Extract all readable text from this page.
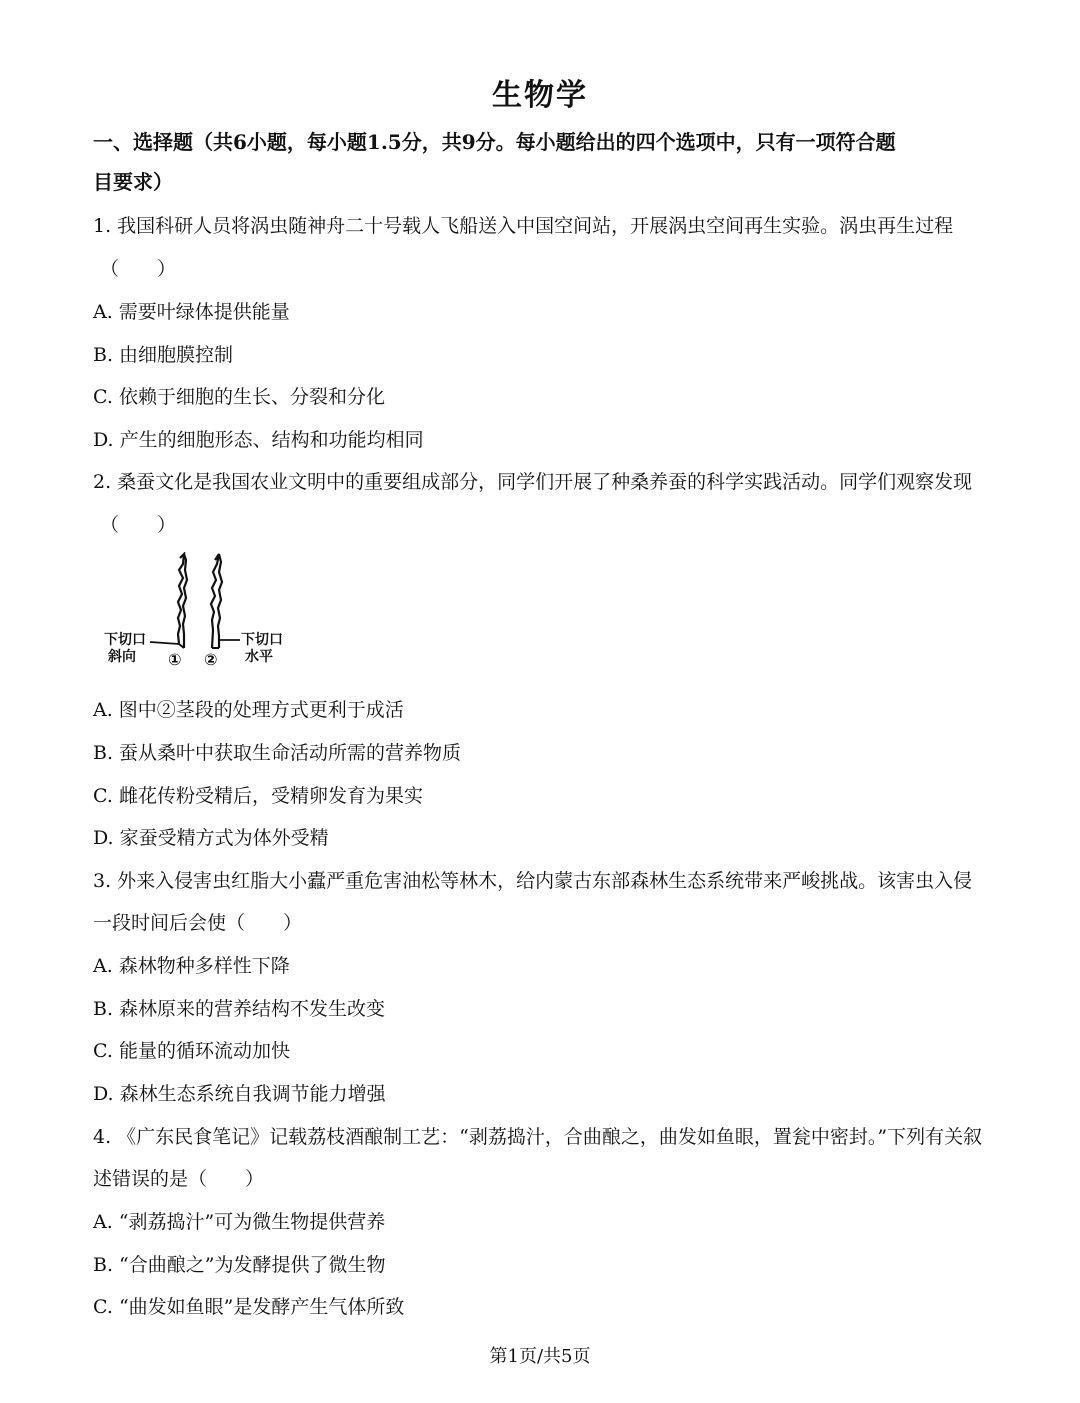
生物学
一、选择题（共6小题，每小题1.5分，共9分。每小题给出的四个选项中，只有一项符合题
目要求）
1. 我国科研人员将涡虫随神舟二十号载人飞船送入中国空间站，开展涡虫空间再生实验。涡虫再生过程
（　　）
A. 需要叶绿体提供能量
B. 由细胞膜控制
C. 依赖于细胞的生长、分裂和分化
D. 产生的细胞形态、结构和功能均相同
2. 桑蚕文化是我国农业文明中的重要组成部分，同学们开展了种桑养蚕的科学实践活动。同学们观察发现
（　　）
下切口
斜向
下切口
水平
① ②
A. 图中②茎段的处理方式更利于成活
B. 蚕从桑叶中获取生命活动所需的营养物质
C. 雌花传粉受精后，受精卵发育为果实
D. 家蚕受精方式为体外受精
3. 外来入侵害虫红脂大小蠹严重危害油松等林木，给内蒙古东部森林生态系统带来严峻挑战。该害虫入侵
一段时间后会使（　　）
A. 森林物种多样性下降
B. 森林原来的营养结构不发生改变
C. 能量的循环流动加快
D. 森林生态系统自我调节能力增强
4. 《广东民食笔记》记载荔枝酒酿制工艺：“剥荔捣汁，合曲酿之，曲发如鱼眼，置瓮中密封。”下列有关叙
述错误的是（　　）
A. “剥荔捣汁”可为微生物提供营养
B. “合曲酿之”为发酵提供了微生物
C. “曲发如鱼眼”是发酵产生气体所致
第1页/共5页
